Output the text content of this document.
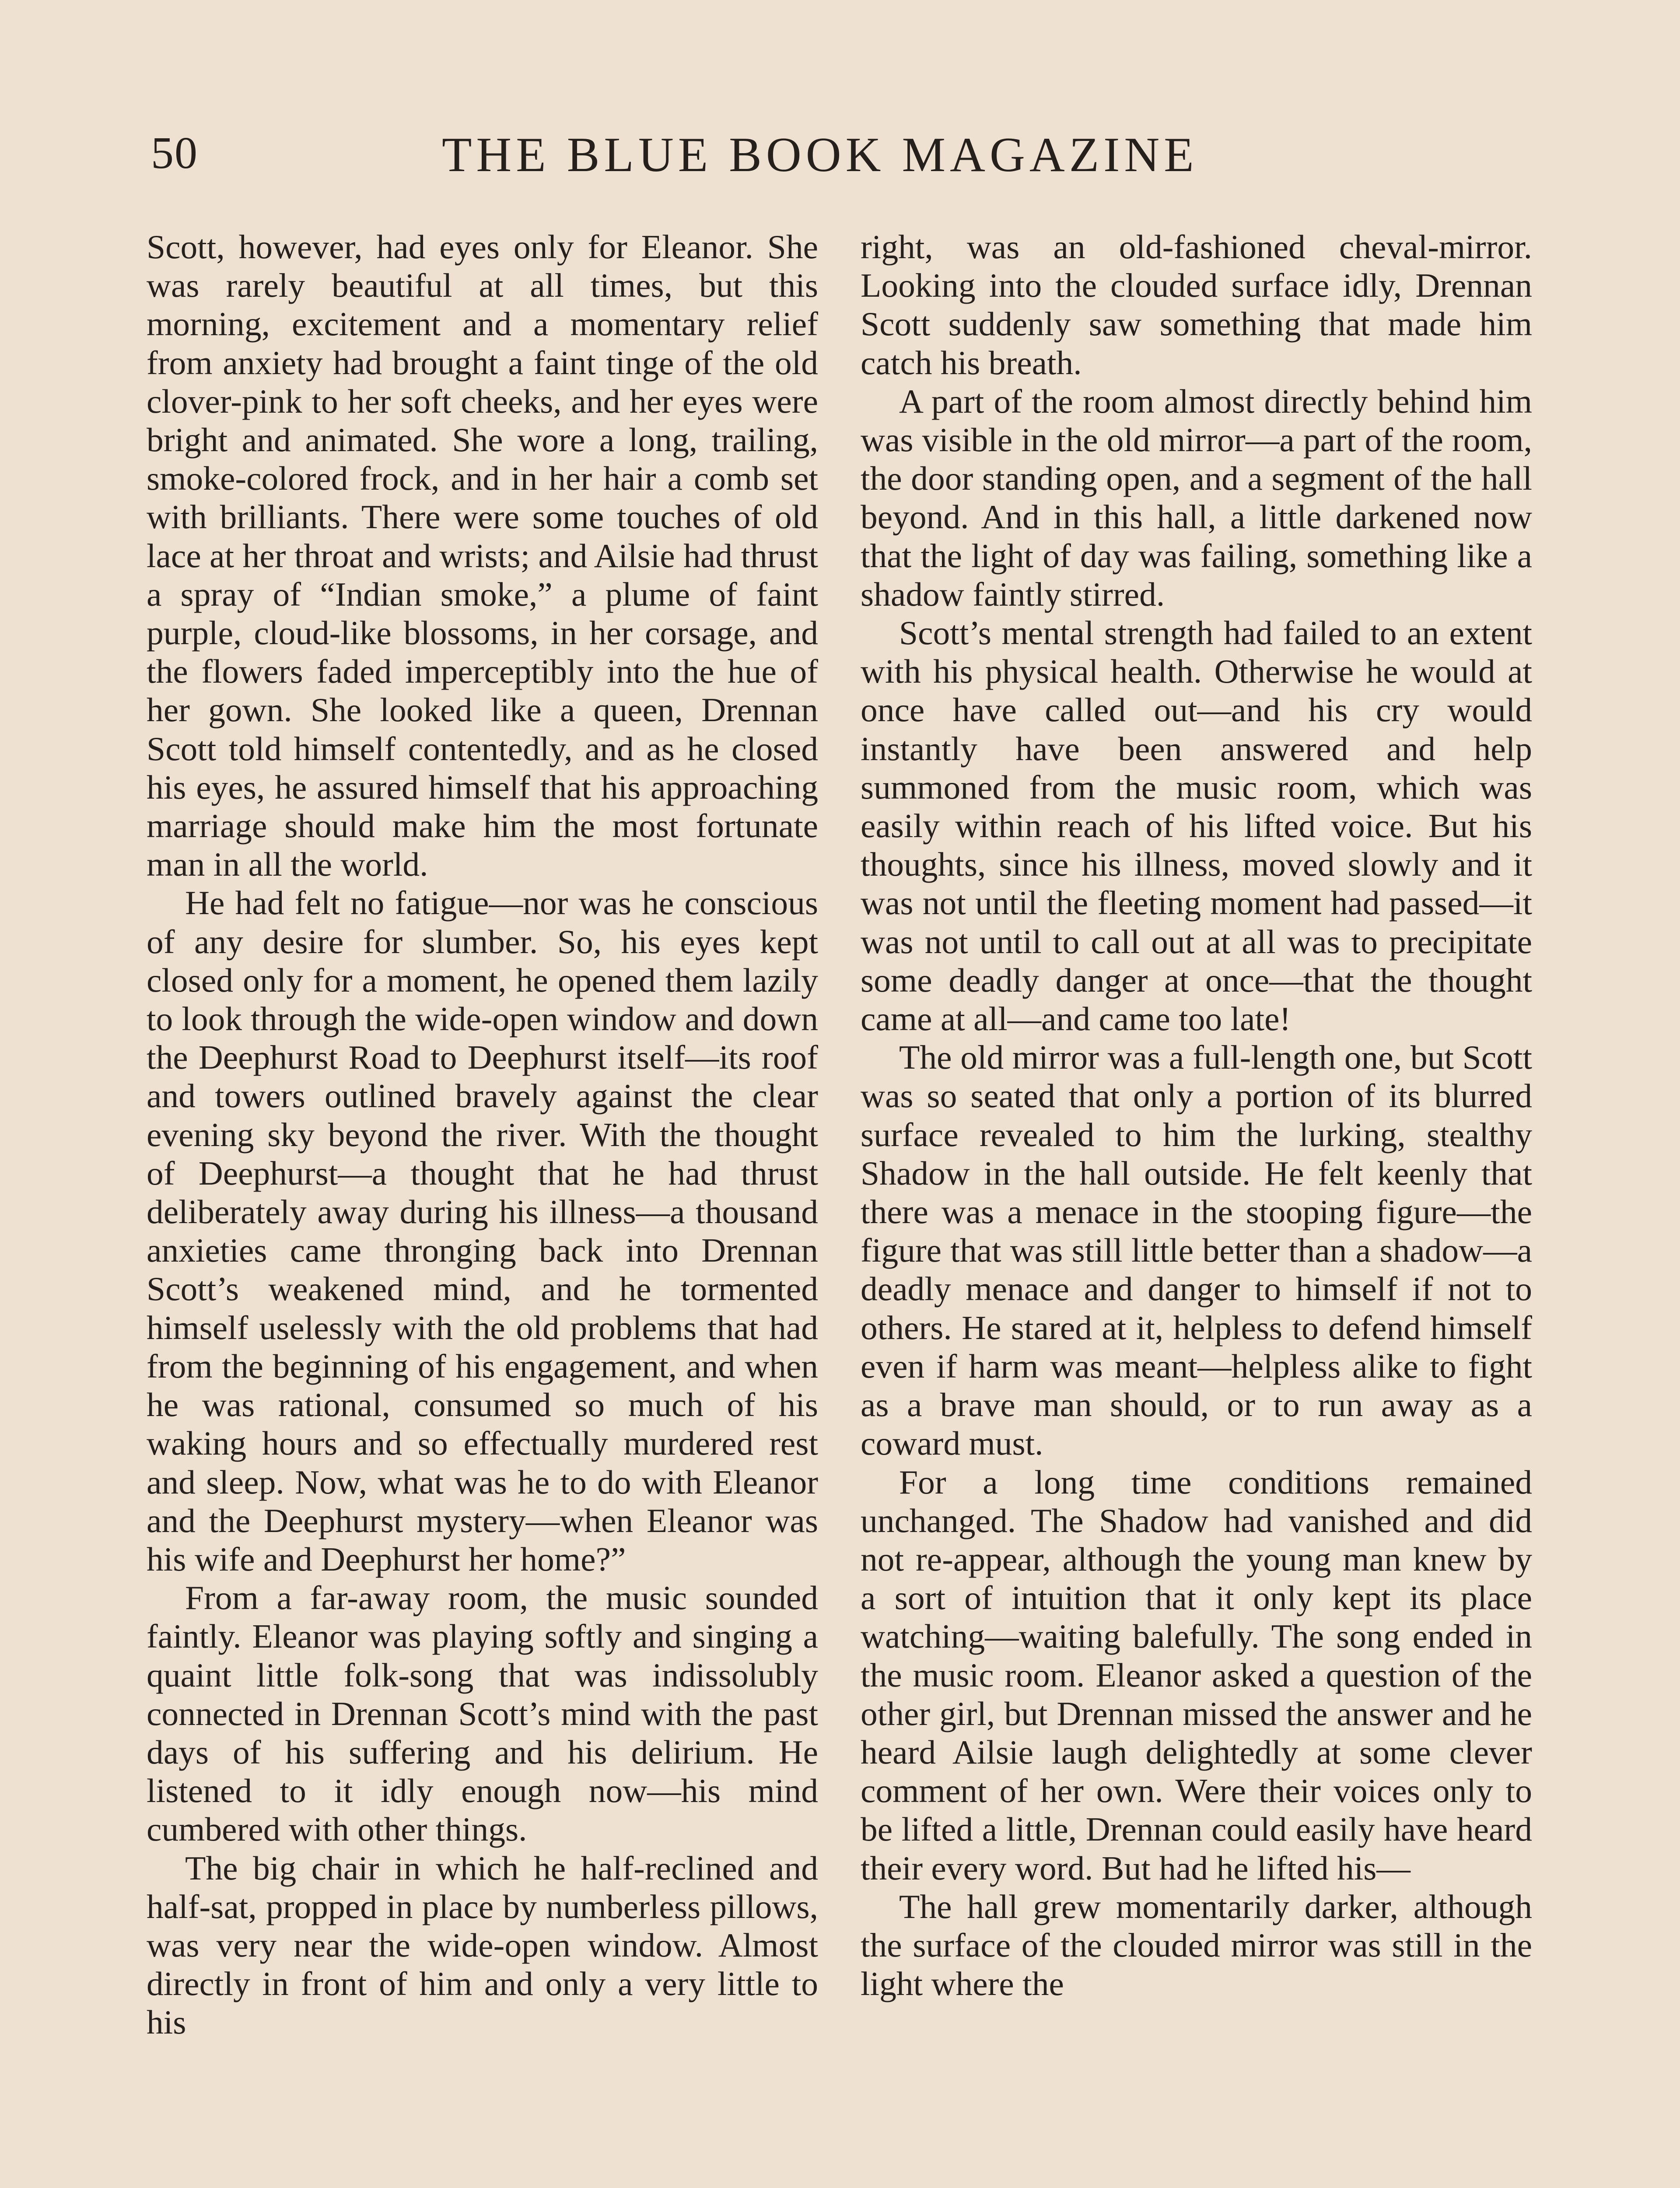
50	THE BLUE BOOK MAGAZINE

Scott, however, had eyes only for Eleanor. She was rarely beautiful at all times, but this morning, excitement and a momentary relief from anxiety had brought a faint tinge of the old clover-pink to her soft cheeks, and her eyes were bright and animated. She wore a long, trailing, smoke-colored frock, and in her hair a comb set with brilliants. There were some touches of old lace at her throat and wrists; and Ailsie had thrust a spray of “Indian smoke,” a plume of faint purple, cloud-like blossoms, in her corsage, and the flowers faded imperceptibly into the hue of her gown. She looked like a queen, Drennan Scott told himself contentedly, and as he closed his eyes, he assured himself that his approaching marriage should make him the most fortunate man in all the world.

He had felt no fatigue—nor was he conscious of any desire for slumber. So, his eyes kept closed only for a moment, he opened them lazily to look through the wide-open window and down the Deephurst Road to Deephurst itself—its roof and towers outlined bravely against the clear evening sky beyond the river. With the thought of Deephurst—a thought that he had thrust deliberately away during his illness—a thousand anxieties came thronging back into Drennan Scott’s weakened mind, and he tormented himself uselessly with the old problems that had from the beginning of his engagement, and when he was rational, consumed so much of his waking hours and so effectually murdered rest and sleep. Now, what was he to do with Eleanor and the Deephurst mystery—when Eleanor was his wife and Deephurst her home?”

From a far-away room, the music sounded faintly. Eleanor was playing softly and singing a quaint little folk-song that was indissolubly connected in Drennan Scott’s mind with the past days of his suffering and his delirium. He listened to it idly enough now—his mind cumbered with other things.

The big chair in which he half-reclined and half-sat, propped in place by numberless pillows, was very near the wide-open window. Almost directly in front of him and only a very little to his

right, was an old-fashioned cheval-mirror. Looking into the clouded surface idly, Drennan Scott suddenly saw something that made him catch his breath.

A part of the room almost directly behind him was visible in the old mirror—a part of the room, the door standing open, and a segment of the hall beyond. And in this hall, a little darkened now that the light of day was failing, something like a shadow faintly stirred.

Scott’s mental strength had failed to an extent with his physical health. Otherwise he would at once have called out—and his cry would instantly have been answered and help summoned from the music room, which was easily within reach of his lifted voice. But his thoughts, since his illness, moved slowly and it was not until the fleeting moment had passed—it was not until to call out at all was to precipitate some deadly danger at once—that the thought came at all—and came too late!

The old mirror was a full-length one, but Scott was so seated that only a portion of its blurred surface revealed to him the lurking, stealthy Shadow in the hall outside. He felt keenly that there was a menace in the stooping figure—the figure that was still little better than a shadow—a deadly menace and danger to himself if not to others. He stared at it, helpless to defend himself even if harm was meant—helpless alike to fight as a brave man should, or to run away as a coward must.

For a long time conditions remained unchanged. The Shadow had vanished and did not re-appear, although the young man knew by a sort of intuition that it only kept its place watching—waiting balefully. The song ended in the music room. Eleanor asked a question of the other girl, but Drennan missed the answer and he heard Ailsie laugh delightedly at some clever comment of her own. Were their voices only to be lifted a little, Drennan could easily have heard their every word. But had he lifted his—

The hall grew momentarily darker, although the surface of the clouded mirror was still in the light where the
